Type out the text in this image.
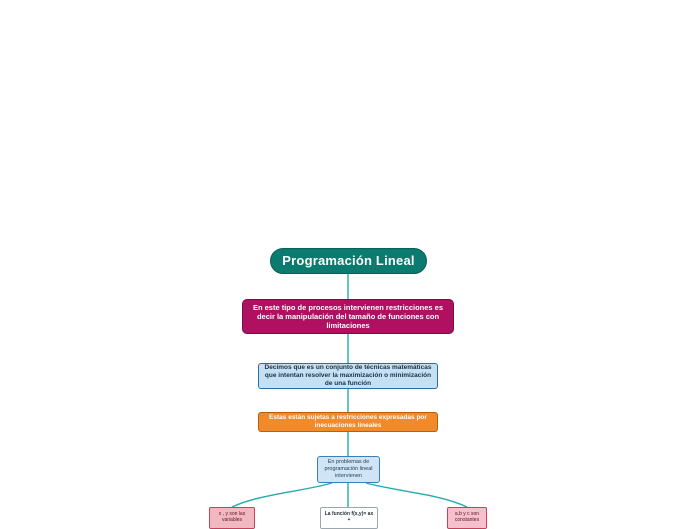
Programación Lineal
En este tipo de procesos intervienen restricciones es decir la manipulación del tamaño de funciones con limitaciones
Decimos que es un conjunto de técnicas matemáticas que intentan resolver la maximización o minimización de una función
Estas están sujetas a restricciones expresadas por inecuaciones lineales
En problemas de programación lineal intervienen
x , y son las variables
La función f(x,y)= ax +
a,b y c son constantes
